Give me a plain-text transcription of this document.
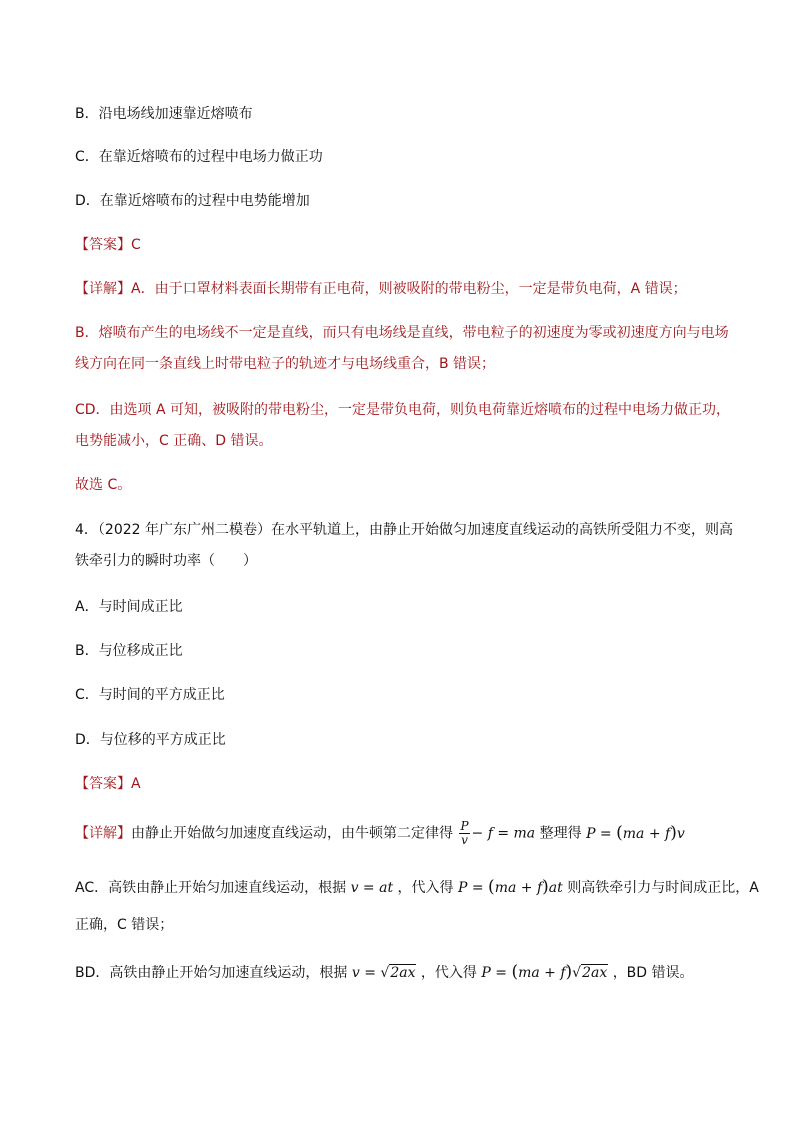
B．沿电场线加速靠近熔喷布
C．在靠近熔喷布的过程中电场力做正功
D．在靠近熔喷布的过程中电势能增加
【答案】C
【详解】A．由于口罩材料表面长期带有正电荷，则被吸附的带电粉尘，一定是带负电荷，A 错误；
B．熔喷布产生的电场线不一定是直线，而只有电场线是直线，带电粒子的初速度为零或初速度方向与电场
线方向在同一条直线上时带电粒子的轨迹才与电场线重合，B 错误；
CD．由选项 A 可知，被吸附的带电粉尘，一定是带负电荷，则负电荷靠近熔喷布的过程中电场力做正功，
电势能减小，C 正确、D 错误。
故选 C。
4．（2022 年广东广州二模卷）在水平轨道上，由静止开始做匀加速度直线运动的高铁所受阻力不变，则高
铁牵引力的瞬时功率（　　）
A．与时间成正比
B．与位移成正比
C．与时间的平方成正比
D．与位移的平方成正比
【答案】A
【详解】由静止开始做匀加速度直线运动，由牛顿第二定律得 $\frac{P}{v} - f$ = ma 整理得 P = (ma + f)v
AC．高铁由静止开始匀加速直线运动，根据 v = at ，代入得 P = (ma + f)at 则高铁牵引力与时间成正比，A
正确，C 错误；
BD．高铁由静止开始匀加速直线运动，根据 v = √2ax ，代入得 P = (ma + f)√2ax ，BD 错误。
